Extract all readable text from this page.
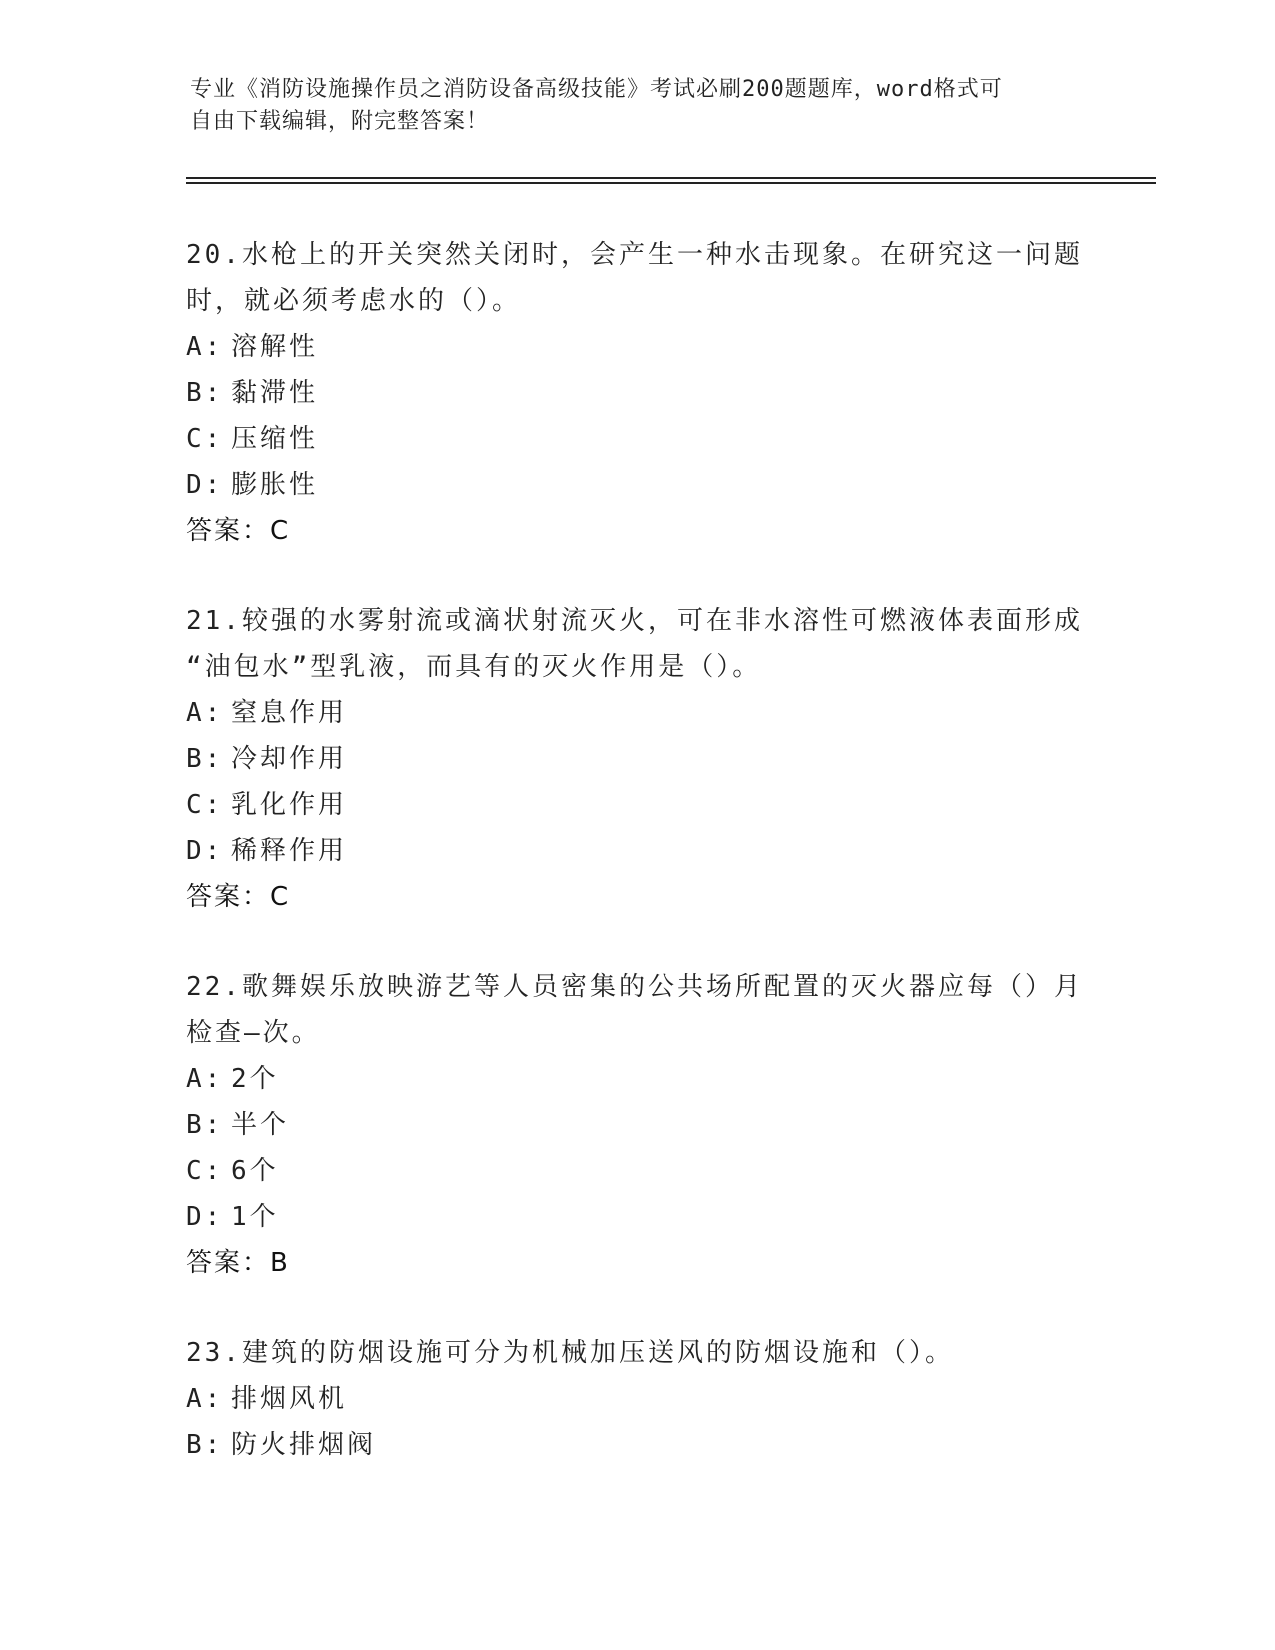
专业《消防设施操作员之消防设备高级技能》考试必刷200题题库，word格式可
自由下载编辑，附完整答案！
20.水枪上的开关突然关闭时，会产生一种水击现象。在研究这一问题
时，就必须考虑水的（）。
A: 溶解性
B: 黏滞性
C: 压缩性
D: 膨胀性
答案：C
21.较强的水雾射流或滴状射流灭火，可在非水溶性可燃液体表面形成
“油包水”型乳液，而具有的灭火作用是（）。
A: 窒息作用
B: 冷却作用
C: 乳化作用
D: 稀释作用
答案：C
22.歌舞娱乐放映游艺等人员密集的公共场所配置的灭火器应每（）月
检查—次。
A: 2个
B: 半个
C: 6个
D: 1个
答案：B
23.建筑的防烟设施可分为机械加压送风的防烟设施和（）。
A: 排烟风机
B: 防火排烟阀
